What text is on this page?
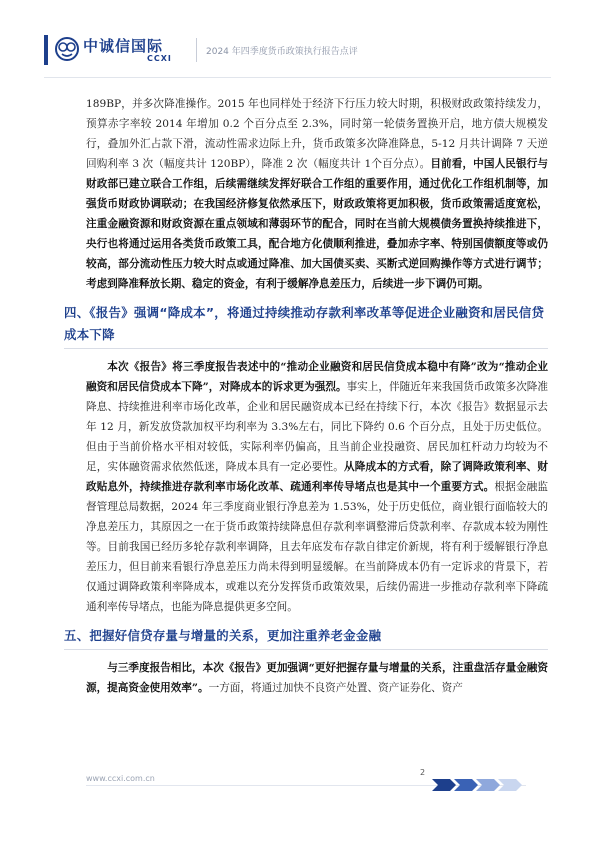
中诚信国际
CCXI
2024 年四季度货币政策执行报告点评

189BP，并多次降准操作。2015 年也同样处于经济下行压力较大时期，积极财政政策持续发力，预算赤字率较 2014 年增加 0.2 个百分点至 2.3%，同时第一轮债务置换开启，地方债大规模发行，叠加外汇占款下滑，流动性需求边际上升，货币政策多次降准降息，5-12 月共计调降 7 天逆回购利率 3 次（幅度共计 120BP），降准 2 次（幅度共计 1个百分点）。目前看，中国人民银行与财政部已建立联合工作组，后续需继续发挥好联合工作组的重要作用，通过优化工作组机制等，加强货币财政协调联动；在我国经济修复依然承压下，财政政策将更加积极，货币政策需适度宽松，注重金融资源和财政资源在重点领域和薄弱环节的配合，同时在当前大规模债务置换持续推进下，央行也将通过运用各类货币政策工具，配合地方化债顺利推进，叠加赤字率、特别国债额度等或仍较高，部分流动性压力较大时点或通过降准、加大国债买卖、买断式逆回购操作等方式进行调节；考虑到降准释放长期、稳定的资金，有利于缓解净息差压力，后续进一步下调仍可期。

四、《报告》强调“降成本”，将通过持续推动存款利率改革等促进企业融资和居民信贷成本下降

本次《报告》将三季度报告表述中的“推动企业融资和居民信贷成本稳中有降”改为“推动企业融资和居民信贷成本下降”，对降成本的诉求更为强烈。事实上，伴随近年来我国货币政策多次降准降息、持续推进利率市场化改革，企业和居民融资成本已经在持续下行，本次《报告》数据显示去年 12 月，新发放贷款加权平均利率为 3.3%左右，同比下降约 0.6 个百分点，且处于历史低位。但由于当前价格水平相对较低，实际利率仍偏高，且当前企业投融资、居民加杠杆动力均较为不足，实体融资需求依然低迷，降成本具有一定必要性。从降成本的方式看，除了调降政策利率、财政贴息外，持续推进存款利率市场化改革、疏通利率传导堵点也是其中一个重要方式。根据金融监督管理总局数据，2024 年三季度商业银行净息差为 1.53%，处于历史低位，商业银行面临较大的净息差压力，其原因之一在于货币政策持续降息但存款利率调整滞后贷款利率、存款成本较为刚性等。目前我国已经历多轮存款利率调降，且去年底发布存款自律定价新规，将有利于缓解银行净息差压力，但目前来看银行净息差压力尚未得到明显缓解。在当前降成本仍有一定诉求的背景下，若仅通过调降政策利率降成本，或难以充分发挥货币政策效果，后续仍需进一步推动存款利率下降疏通利率传导堵点，也能为降息提供更多空间。

五、把握好信贷存量与增量的关系，更加注重养老金金融

与三季度报告相比，本次《报告》更加强调“更好把握存量与增量的关系，注重盘活存量金融资源，提高资金使用效率”。一方面，将通过加快不良资产处置、资产证券化、资产

www.ccxi.com.cn
2
